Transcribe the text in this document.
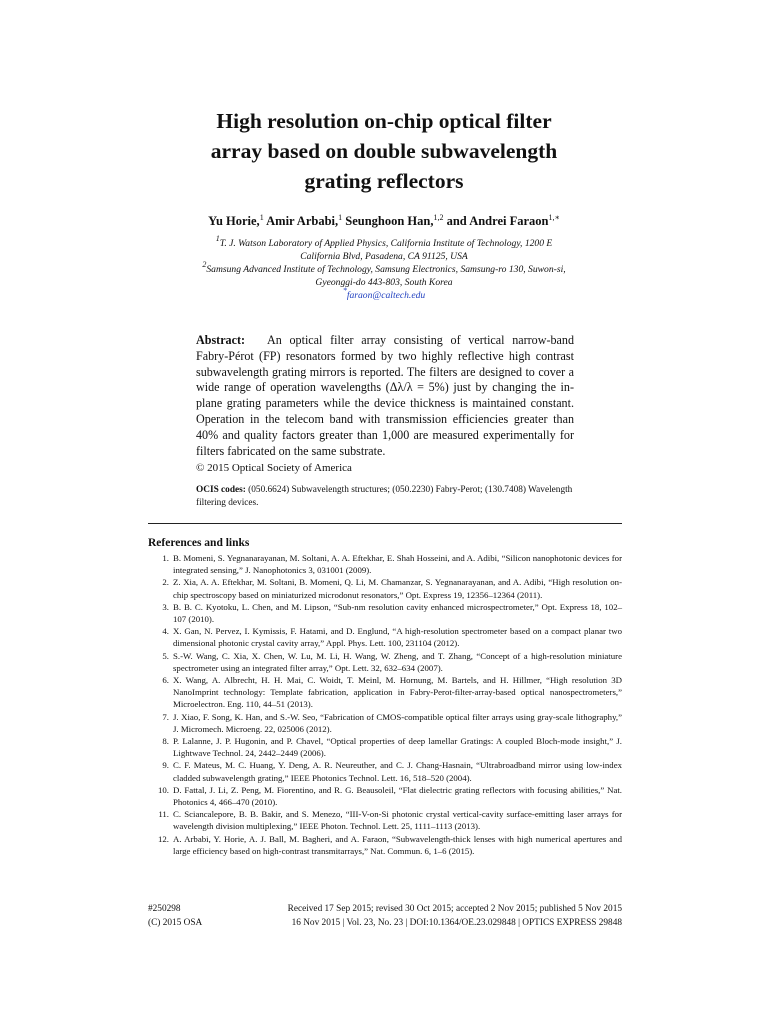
High resolution on-chip optical filter
array based on double subwavelength
grating reflectors
Yu Horie,$^1$ Amir Arbabi,$^1$ Seunghoon Han,$^{1,2}$ and Andrei Faraon$^{1,∗}$
$^1$T. J. Watson Laboratory of Applied Physics, California Institute of Technology, 1200 E
California Blvd, Pasadena, CA 91125, USA
$^2$Samsung Advanced Institute of Technology, Samsung Electronics, Samsung-ro 130, Suwon-si,
Gyeonggi-do 443-803, South Korea
*faraon@caltech.edu
Abstract: An optical filter array consisting of vertical narrow-band Fabry-Pérot (FP) resonators formed by two highly reflective high contrast subwavelength grating mirrors is reported. The filters are designed to cover a wide range of operation wavelengths (Δλ/λ = 5%) just by changing the in-plane grating parameters while the device thickness is maintained constant. Operation in the telecom band with transmission efficiencies greater than 40% and quality factors greater than 1,000 are measured experimentally for filters fabricated on the same substrate.
© 2015 Optical Society of America
OCIS codes: (050.6624) Subwavelength structures; (050.2230) Fabry-Perot; (130.7408) Wavelength filtering devices.
References and links
1. B. Momeni, S. Yegnanarayanan, M. Soltani, A. A. Eftekhar, E. Shah Hosseini, and A. Adibi, “Silicon nanophotonic devices for integrated sensing,” J. Nanophotonics 3, 031001 (2009).
2. Z. Xia, A. A. Eftekhar, M. Soltani, B. Momeni, Q. Li, M. Chamanzar, S. Yegnanarayanan, and A. Adibi, “High resolution on-chip spectroscopy based on miniaturized microdonut resonators,” Opt. Express 19, 12356–12364 (2011).
3. B. B. C. Kyotoku, L. Chen, and M. Lipson, “Sub-nm resolution cavity enhanced microspectrometer,” Opt. Express 18, 102–107 (2010).
4. X. Gan, N. Pervez, I. Kymissis, F. Hatami, and D. Englund, “A high-resolution spectrometer based on a compact planar two dimensional photonic crystal cavity array,” Appl. Phys. Lett. 100, 231104 (2012).
5. S.-W. Wang, C. Xia, X. Chen, W. Lu, M. Li, H. Wang, W. Zheng, and T. Zhang, “Concept of a high-resolution miniature spectrometer using an integrated filter array,” Opt. Lett. 32, 632–634 (2007).
6. X. Wang, A. Albrecht, H. H. Mai, C. Woidt, T. Meinl, M. Hornung, M. Bartels, and H. Hillmer, “High resolution 3D NanoImprint technology: Template fabrication, application in Fabry-Perot-filter-array-based optical nanospectrometers,” Microelectron. Eng. 110, 44–51 (2013).
7. J. Xiao, F. Song, K. Han, and S.-W. Seo, “Fabrication of CMOS-compatible optical filter arrays using gray-scale lithography,” J. Micromech. Microeng. 22, 025006 (2012).
8. P. Lalanne, J. P. Hugonin, and P. Chavel, “Optical properties of deep lamellar Gratings: A coupled Bloch-mode insight,” J. Lightwave Technol. 24, 2442–2449 (2006).
9. C. F. Mateus, M. C. Huang, Y. Deng, A. R. Neureuther, and C. J. Chang-Hasnain, “Ultrabroadband mirror using low-index cladded subwavelength grating,” IEEE Photonics Technol. Lett. 16, 518–520 (2004).
10. D. Fattal, J. Li, Z. Peng, M. Fiorentino, and R. G. Beausoleil, “Flat dielectric grating reflectors with focusing abilities,” Nat. Photonics 4, 466–470 (2010).
11. C. Sciancalepore, B. B. Bakir, and S. Menezo, “III-V-on-Si photonic crystal vertical-cavity surface-emitting laser arrays for wavelength division multiplexing,” IEEE Photon. Technol. Lett. 25, 1111–1113 (2013).
12. A. Arbabi, Y. Horie, A. J. Ball, M. Bagheri, and A. Faraon, “Subwavelength-thick lenses with high numerical apertures and large efficiency based on high-contrast transmitarrays,” Nat. Commun. 6, 1–6 (2015).
#250298
(C) 2015 OSA
Received 17 Sep 2015; revised 30 Oct 2015; accepted 2 Nov 2015; published 5 Nov 2015
16 Nov 2015 | Vol. 23, No. 23 | DOI:10.1364/OE.23.029848 | OPTICS EXPRESS 29848
